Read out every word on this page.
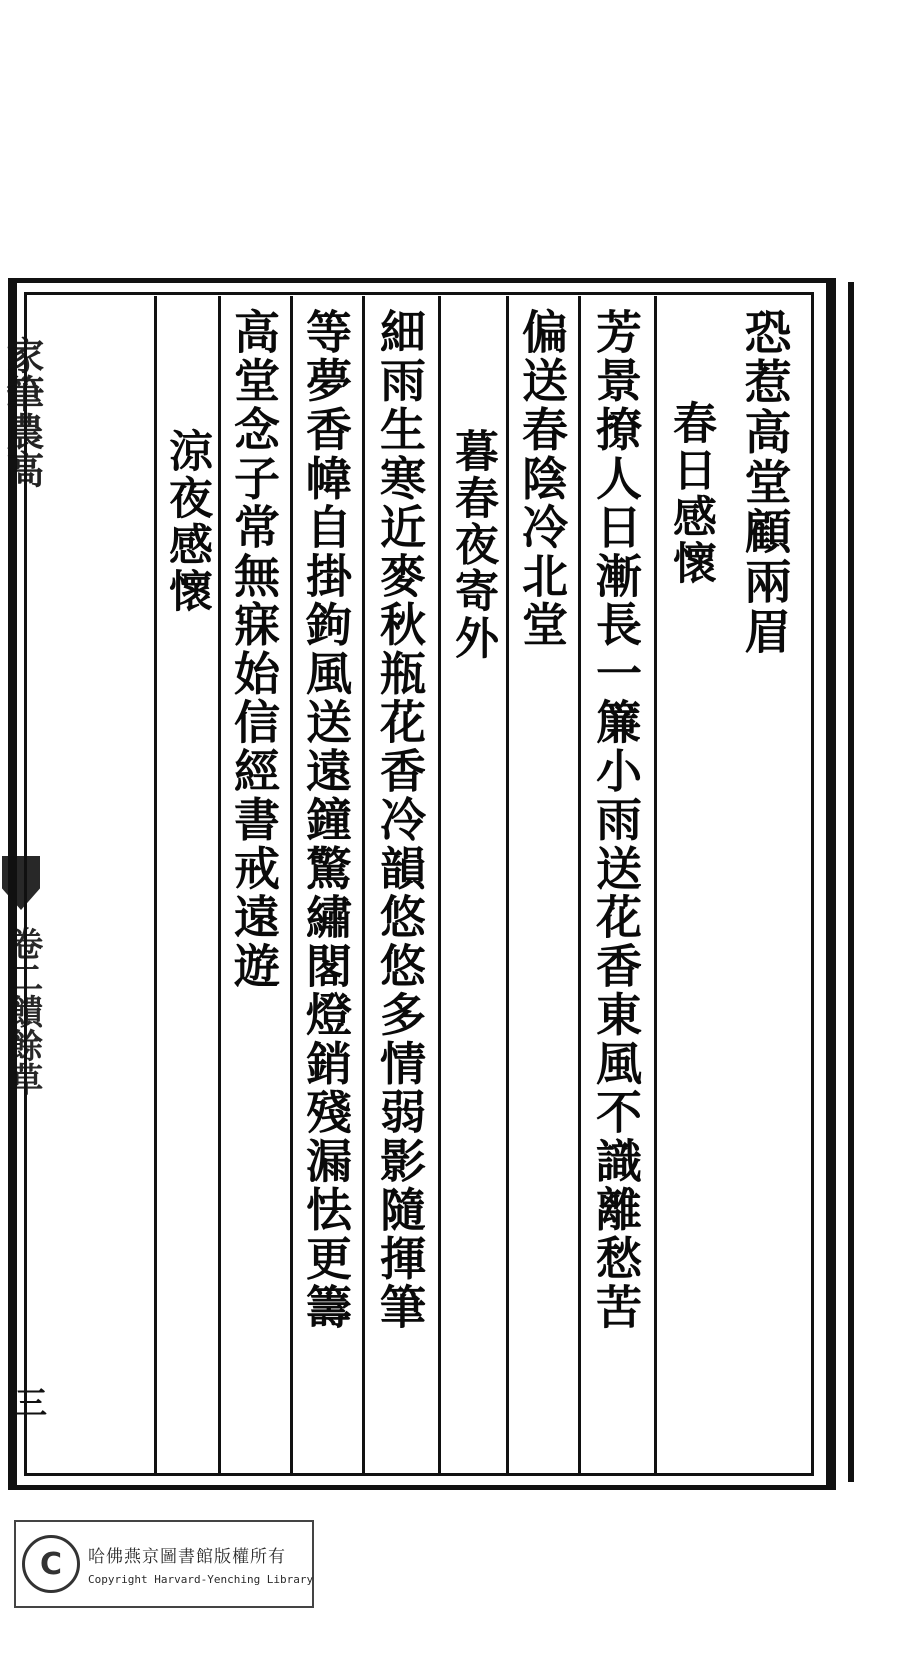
家筆農高
卷二饋餘草
三
恐惹高堂顧兩眉
春日感懷
芳景撩人日漸長一簾小雨送花香東風不識離愁苦
偏送春陰冷北堂
暮春夜寄外
細雨生寒近麥秋瓶花香冷韻悠悠多情弱影隨揮筆
等夢香幃自掛鉤風送遠鐘驚繡閣燈銷殘漏怯更籌
高堂念子常無寐始信經書戒遠遊
涼夜感懷
C	哈佛燕京圖書館版權所有
Copyright Harvard-Yenching Library
